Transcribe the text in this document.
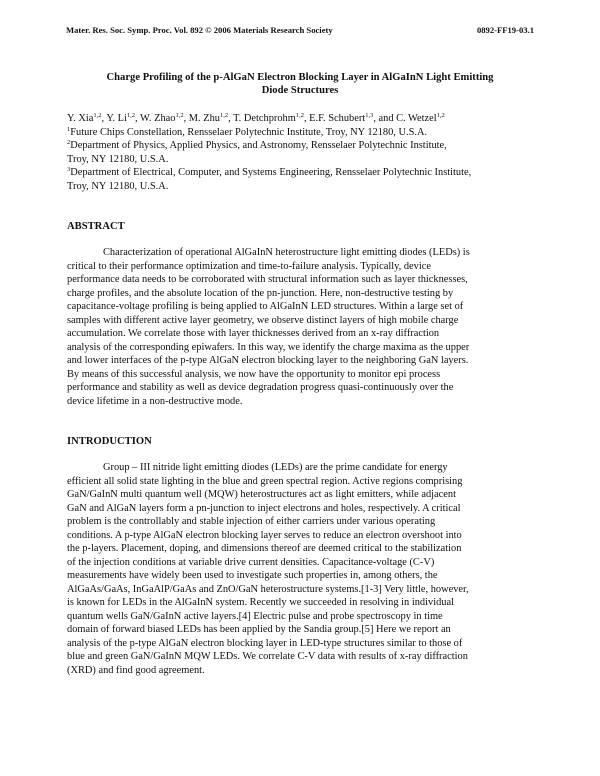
Mater. Res. Soc. Symp. Proc. Vol. 892 © 2006 Materials Research Society	0892-FF19-03.1
Charge Profiling of the p-AlGaN Electron Blocking Layer in AlGaInN Light Emitting
Diode Structures
Y. Xia$^{1,2}$, Y. Li$^{1,2}$, W. Zhao$^{1,2}$, M. Zhu$^{1,2}$, T. Detchprohm$^{1,2}$, E.F. Schubert$^{1,3}$, and C. Wetzel$^{1,2}$
$^1$Future Chips Constellation, Rensselaer Polytechnic Institute, Troy, NY 12180, U.S.A.
$^2$Department of Physics, Applied Physics, and Astronomy, Rensselaer Polytechnic Institute,
Troy, NY 12180, U.S.A.
$^3$Department of Electrical, Computer, and Systems Engineering, Rensselaer Polytechnic Institute,
Troy, NY 12180, U.S.A.
ABSTRACT
Characterization of operational AlGaInN heterostructure light emitting diodes (LEDs) is
critical to their performance optimization and time-to-failure analysis. Typically, device
performance data needs to be corroborated with structural information such as layer thicknesses,
charge profiles, and the absolute location of the pn-junction. Here, non-destructive testing by
capacitance-voltage profiling is being applied to AlGaInN LED structures. Within a large set of
samples with different active layer geometry, we observe distinct layers of high mobile charge
accumulation. We correlate those with layer thicknesses derived from an x-ray diffraction
analysis of the corresponding epiwafers. In this way, we identify the charge maxima as the upper
and lower interfaces of the p-type AlGaN electron blocking layer to the neighboring GaN layers.
By means of this successful analysis, we now have the opportunity to monitor epi process
performance and stability as well as device degradation progress quasi-continuously over the
device lifetime in a non-destructive mode.
INTRODUCTION
Group – III nitride light emitting diodes (LEDs) are the prime candidate for energy
efficient all solid state lighting in the blue and green spectral region. Active regions comprising
GaN/GaInN multi quantum well (MQW) heterostructures act as light emitters, while adjacent
GaN and AlGaN layers form a pn-junction to inject electrons and holes, respectively. A critical
problem is the controllably and stable injection of either carriers under various operating
conditions. A p-type AlGaN electron blocking layer serves to reduce an electron overshoot into
the p-layers. Placement, doping, and dimensions thereof are deemed critical to the stabilization
of the injection conditions at variable drive current densities. Capacitance-voltage (C-V)
measurements have widely been used to investigate such properties in, among others, the
AlGaAs/GaAs, InGaAlP/GaAs and ZnO/GaN heterostructure systems.[1-3] Very little, however,
is known for LEDs in the AlGaInN system. Recently we succeeded in resolving in individual
quantum wells GaN/GaInN active layers.[4] Electric pulse and probe spectroscopy in time
domain of forward biased LEDs has been applied by the Sandia group.[5] Here we report an
analysis of the p-type AlGaN electron blocking layer in LED-type structures similar to those of
blue and green GaN/GaInN MQW LEDs. We correlate C-V data with results of x-ray diffraction
(XRD) and find good agreement.
